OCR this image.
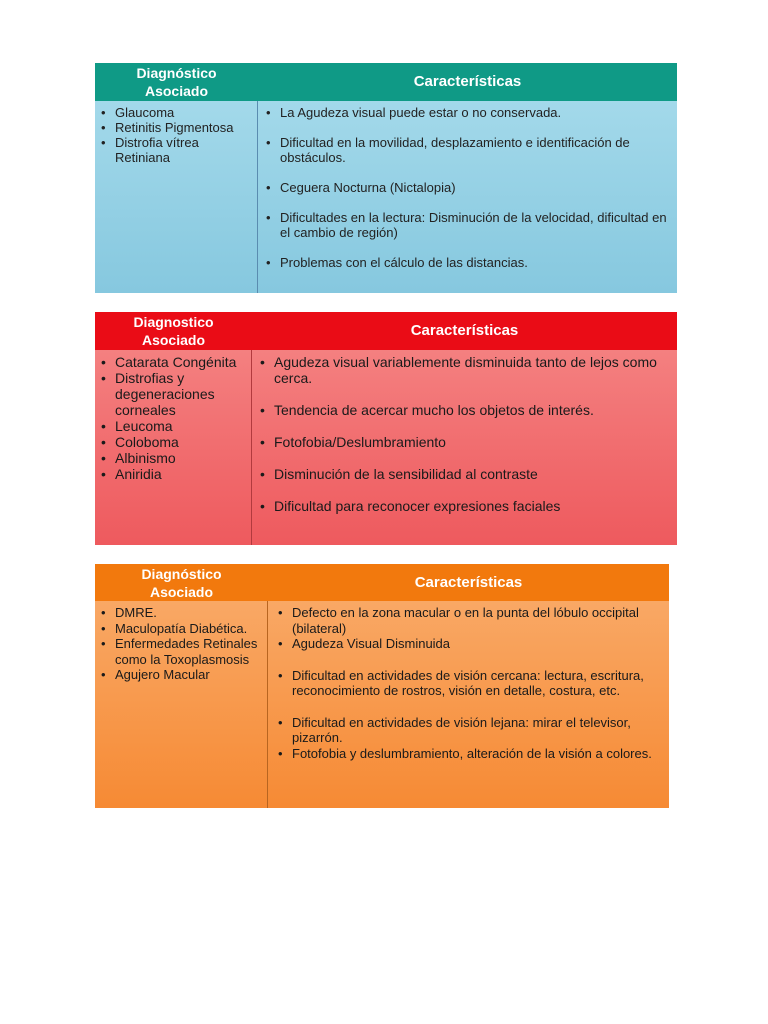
Diagnóstico
Asociado
Características
• Glaucoma
• Retinitis Pigmentosa
• Distrofia vítrea Retiniana
• La Agudeza visual puede estar o no conservada.
• Dificultad en la movilidad, desplazamiento e identificación de obstáculos.
• Ceguera Nocturna (Nictalopia)
• Dificultades en la lectura: Disminución de la velocidad, dificultad en el cambio de región)
• Problemas con el cálculo de las distancias.
Diagnostico
Asociado
Características
• Catarata Congénita
• Distrofias y degeneraciones corneales
• Leucoma
• Coloboma
• Albinismo
• Aniridia
• Agudeza visual variablemente disminuida tanto de lejos como cerca.
• Tendencia de acercar mucho los objetos de interés.
• Fotofobia/Deslumbramiento
• Disminución de la sensibilidad al contraste
• Dificultad para reconocer expresiones faciales
Diagnóstico
Asociado
Características
• DMRE.
• Maculopatía Diabética.
• Enfermedades Retinales como la Toxoplasmosis
• Agujero Macular
• Defecto en la zona macular o en la punta del lóbulo occipital (bilateral)
• Agudeza Visual Disminuida
• Dificultad en actividades de visión cercana: lectura, escritura, reconocimiento de rostros, visión en detalle, costura, etc.
• Dificultad en actividades de visión lejana: mirar el televisor, pizarrón.
• Fotofobia y deslumbramiento, alteración de la visión a colores.
